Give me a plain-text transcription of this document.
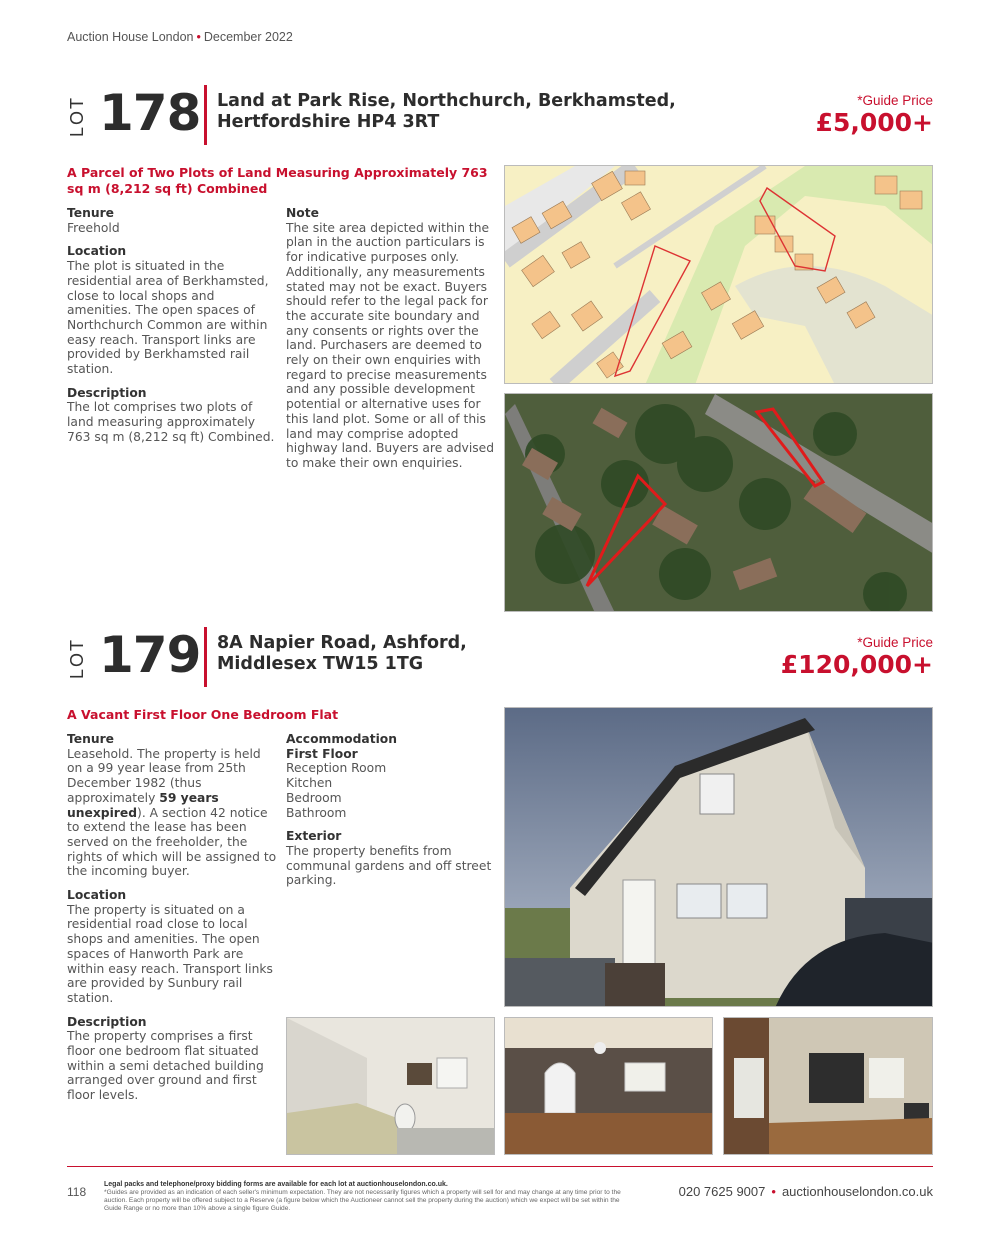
Auction House London • December 2022
LOT 178 Land at Park Rise, Northchurch, Berkhamsted,
Hertfordshire HP4 3RT
*Guide Price
£5,000+
A Parcel of Two Plots of Land Measuring Approximately 763 sq m (8,212 sq ft) Combined
Tenure
Freehold
Location
The plot is situated in the residential area of Berkhamsted, close to local shops and amenities. The open spaces of Northchurch Common are within easy reach. Transport links are provided by Berkhamsted rail station.
Description
The lot comprises two plots of land measuring approximately 763 sq m (8,212 sq ft) Combined.
Note
The site area depicted within the plan in the auction particulars is for indicative purposes only. Additionally, any measurements stated may not be exact. Buyers should refer to the legal pack for the accurate site boundary and any consents or rights over the land. Purchasers are deemed to rely on their own enquiries with regard to precise measurements and any possible development potential or alternative uses for this land plot. Some or all of this land may comprise adopted highway land. Buyers are advised to make their own enquiries.
LOT 179 8A Napier Road, Ashford,
Middlesex TW15 1TG
*Guide Price
£120,000+
A Vacant First Floor One Bedroom Flat
Tenure
Leasehold. The property is held on a 99 year lease from 25th December 1982 (thus approximately 59 years unexpired). A section 42 notice to extend the lease has been served on the freeholder, the rights of which will be assigned to the incoming buyer.
Location
The property is situated on a residential road close to local shops and amenities. The open spaces of Hanworth Park are within easy reach. Transport links are provided by Sunbury rail station.
Description
The property comprises a first floor one bedroom flat situated within a semi detached building arranged over ground and first floor levels.
Accommodation
First Floor
Reception Room
Kitchen
Bedroom
Bathroom
Exterior
The property benefits from communal gardens and off street parking.
118
Legal packs and telephone/proxy bidding forms are available for each lot at auctionhouselondon.co.uk.
*Guides are provided as an indication of each seller's minimum expectation. They are not necessarily figures which a property will sell for and may change at any time prior to the auction. Each property will be offered subject to a Reserve (a figure below which the Auctioneer cannot sell the property during the auction) which we expect will be set within the Guide Range or no more than 10% above a single figure Guide.
020 7625 9007 • auctionhouselondon.co.uk
